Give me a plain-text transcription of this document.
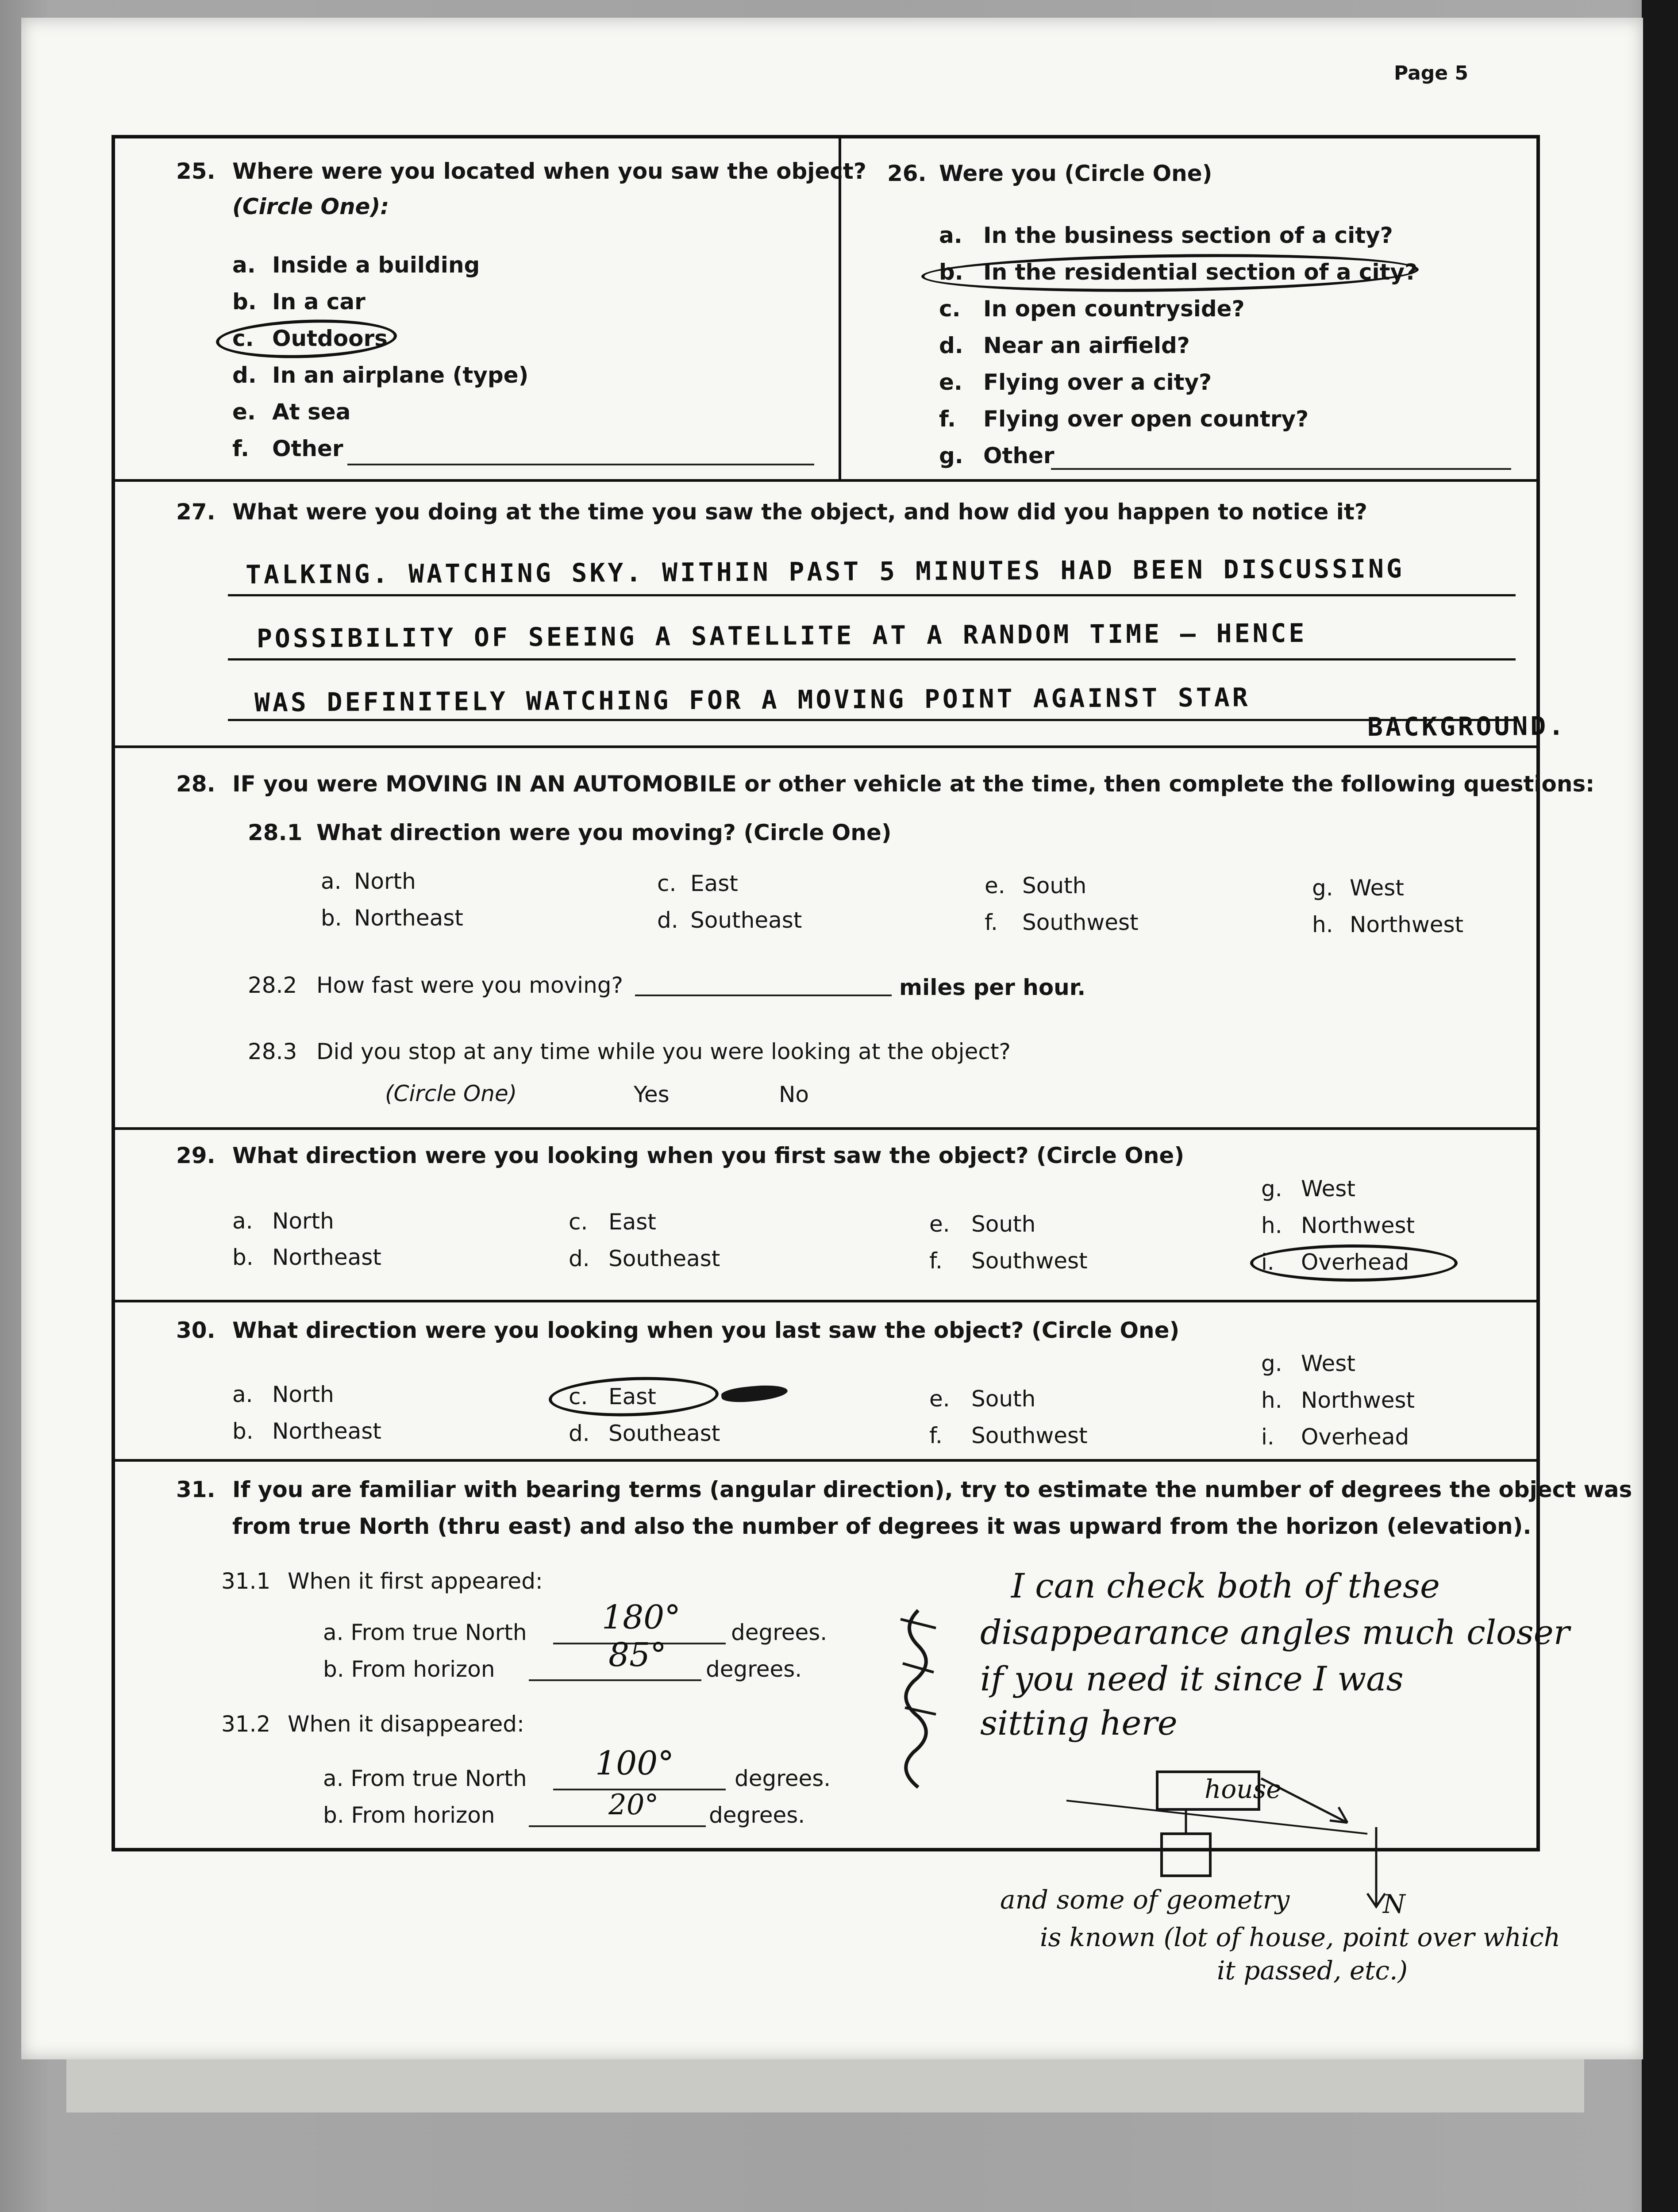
Page 5
25. Where were you located when you saw the object?
(Circle One):
a. Inside a building
b. In a car
c. Outdoors
d. In an airplane (type)
e. At sea
f. Other
26. Were you (Circle One)
a. In the business section of a city?
b. In the residential section of a city?
c. In open countryside?
d. Near an airfield?
e. Flying over a city?
f. Flying over open country?
g. Other
27. What were you doing at the time you saw the object, and how did you happen to notice it?
TALKING. WATCHING SKY. WITHIN PAST 5 MINUTES HAD BEEN DISCUSSING
POSSIBILITY OF SEEING A SATELLITE AT A RANDOM TIME – HENCE
WAS DEFINITELY WATCHING FOR A MOVING POINT AGAINST STAR
BACKGROUND.
28. IF you were MOVING IN AN AUTOMOBILE or other vehicle at the time, then complete the following questions:
28.1 What direction were you moving? (Circle One)
a. North
b. Northeast
c. East
d. Southeast
e. South
f. Southwest
g. West
h. Northwest
28.2 How fast were you moving?	miles per hour.
28.3 Did you stop at any time while you were looking at the object?
(Circle One)	Yes	No
29. What direction were you looking when you first saw the object? (Circle One)
a. North
b. Northeast
c. East
d. Southeast
e. South
f. Southwest
g. West
h. Northwest
i. Overhead
30. What direction were you looking when you last saw the object? (Circle One)
a. North
b. Northeast
c. East
d. Southeast
e. South
f. Southwest
g. West
h. Northwest
i. Overhead
31. If you are familiar with bearing terms (angular direction), try to estimate the number of degrees the object was
from true North (thru east) and also the number of degrees it was upward from the horizon (elevation).
31.1 When it first appeared:
a. From true North 180° degrees.
b. From horizon	85° degrees.
31.2 When it disappeared:
a. From true North 100°	degrees.
b. From horizon	20° degrees.
I can check both of these
disappearance angles much closer
if you need it since I was
sitting here
house
N
and some of geometry
is known (lot of house, point over which
it passed, etc.)
